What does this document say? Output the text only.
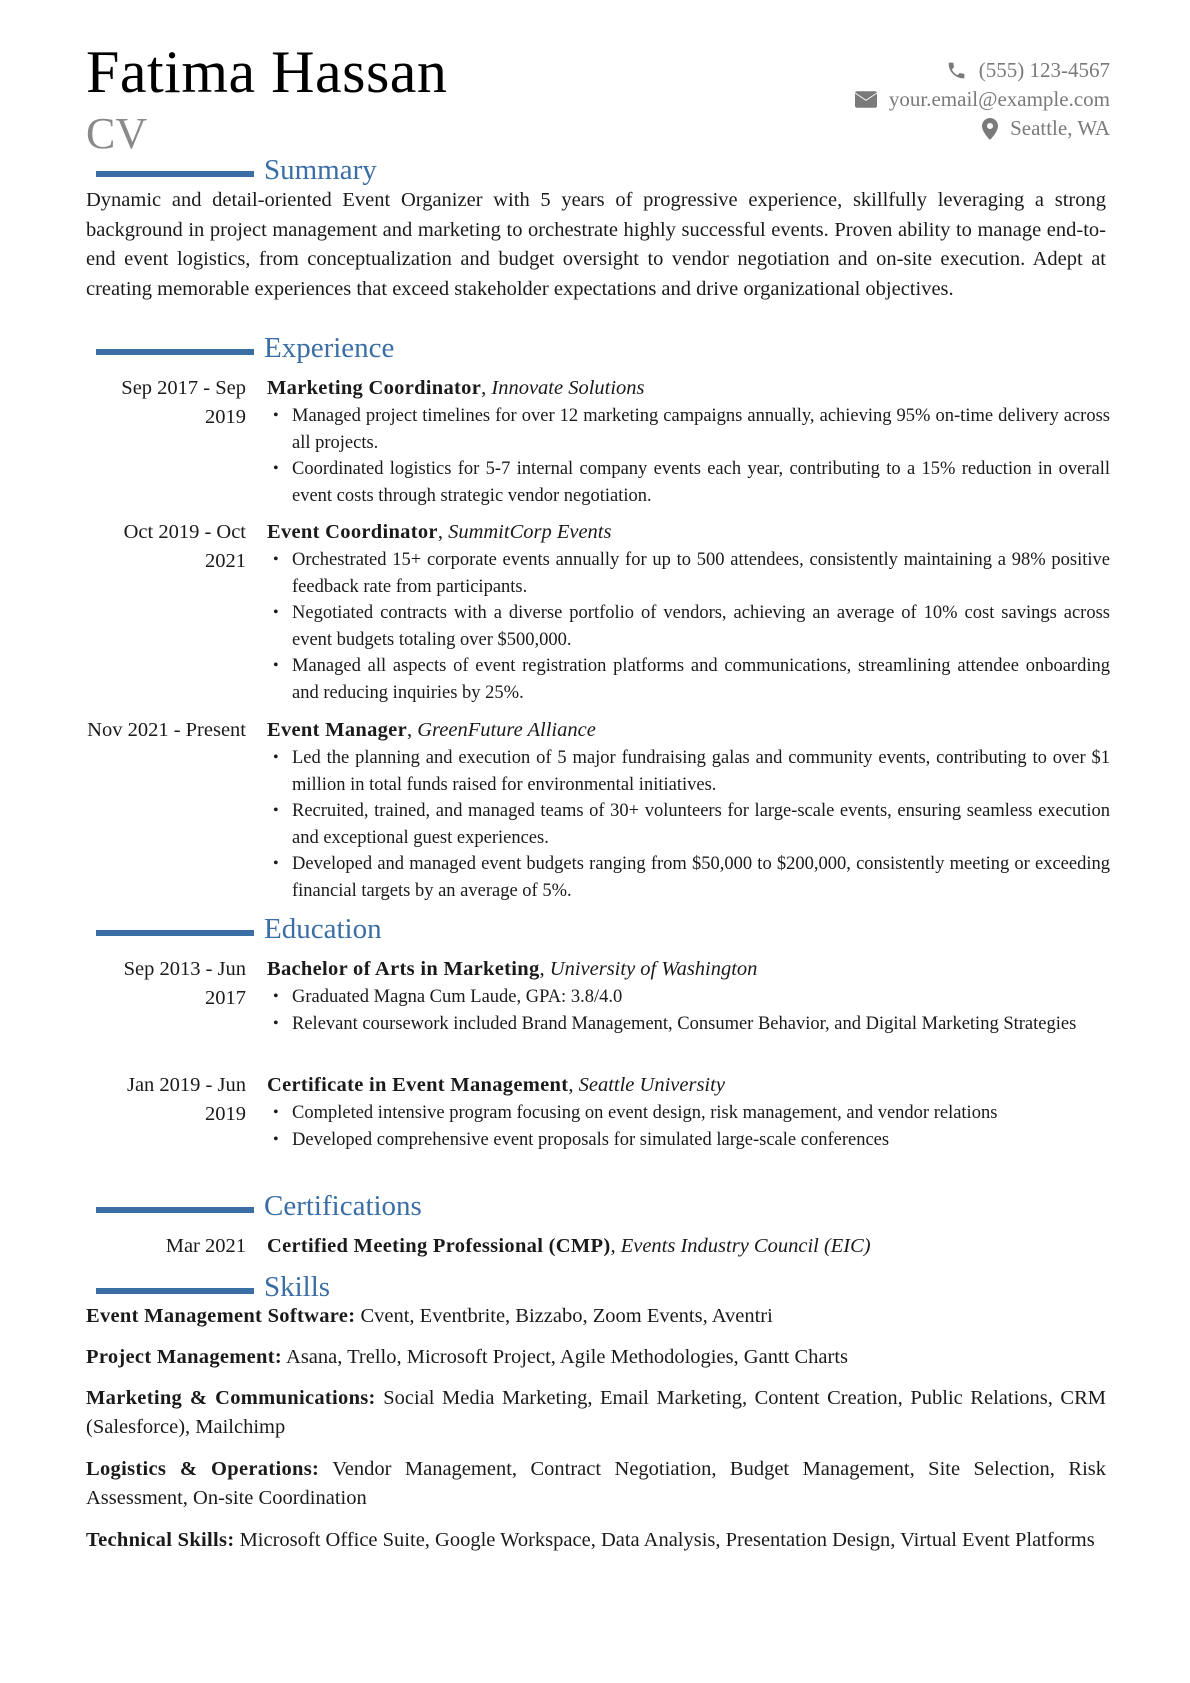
Fatima Hassan
CV
(555) 123-4567
your.email@example.com
Seattle, WA
Summary
Dynamic and detail-oriented Event Organizer with 5 years of progressive experience, skillfully leveraging a strong background in project management and marketing to orchestrate highly successful events. Proven ability to manage end-to-end event logistics, from conceptualization and budget oversight to vendor negotiation and on-site execution. Adept at creating memorable experiences that exceed stakeholder expectations and drive organizational objectives.
Experience
Sep 2017 - Sep 2019
Marketing Coordinator, Innovate Solutions
• Managed project timelines for over 12 marketing campaigns annually, achieving 95% on-time delivery across all projects.
• Coordinated logistics for 5-7 internal company events each year, contributing to a 15% reduction in overall event costs through strategic vendor negotiation.
Oct 2019 - Oct 2021
Event Coordinator, SummitCorp Events
• Orchestrated 15+ corporate events annually for up to 500 attendees, consistently maintaining a 98% positive feedback rate from participants.
• Negotiated contracts with a diverse portfolio of vendors, achieving an average of 10% cost savings across event budgets totaling over $500,000.
• Managed all aspects of event registration platforms and communications, streamlining attendee onboarding and reducing inquiries by 25%.
Nov 2021 - Present Event Manager, GreenFuture Alliance
• Led the planning and execution of 5 major fundraising galas and community events, contributing to over $1 million in total funds raised for environmental initiatives.
• Recruited, trained, and managed teams of 30+ volunteers for large-scale events, ensuring seamless execution and exceptional guest experiences.
• Developed and managed event budgets ranging from $50,000 to $200,000, consistently meeting or exceeding financial targets by an average of 5%.
Education
Sep 2013 - Jun 2017
Bachelor of Arts in Marketing, University of Washington
• Graduated Magna Cum Laude, GPA: 3.8/4.0
• Relevant coursework included Brand Management, Consumer Behavior, and Digital Marketing Strategies
Jan 2019 - Jun 2019
Certificate in Event Management, Seattle University
• Completed intensive program focusing on event design, risk management, and vendor relations
• Developed comprehensive event proposals for simulated large-scale conferences
Certifications
Mar 2021 Certified Meeting Professional (CMP), Events Industry Council (EIC)
Skills
Event Management Software: Cvent, Eventbrite, Bizzabo, Zoom Events, Aventri
Project Management: Asana, Trello, Microsoft Project, Agile Methodologies, Gantt Charts
Marketing & Communications: Social Media Marketing, Email Marketing, Content Creation, Public Relations, CRM (Salesforce), Mailchimp
Logistics & Operations: Vendor Management, Contract Negotiation, Budget Management, Site Selection, Risk Assessment, On-site Coordination
Technical Skills: Microsoft Office Suite, Google Workspace, Data Analysis, Presentation Design, Virtual Event Platforms
